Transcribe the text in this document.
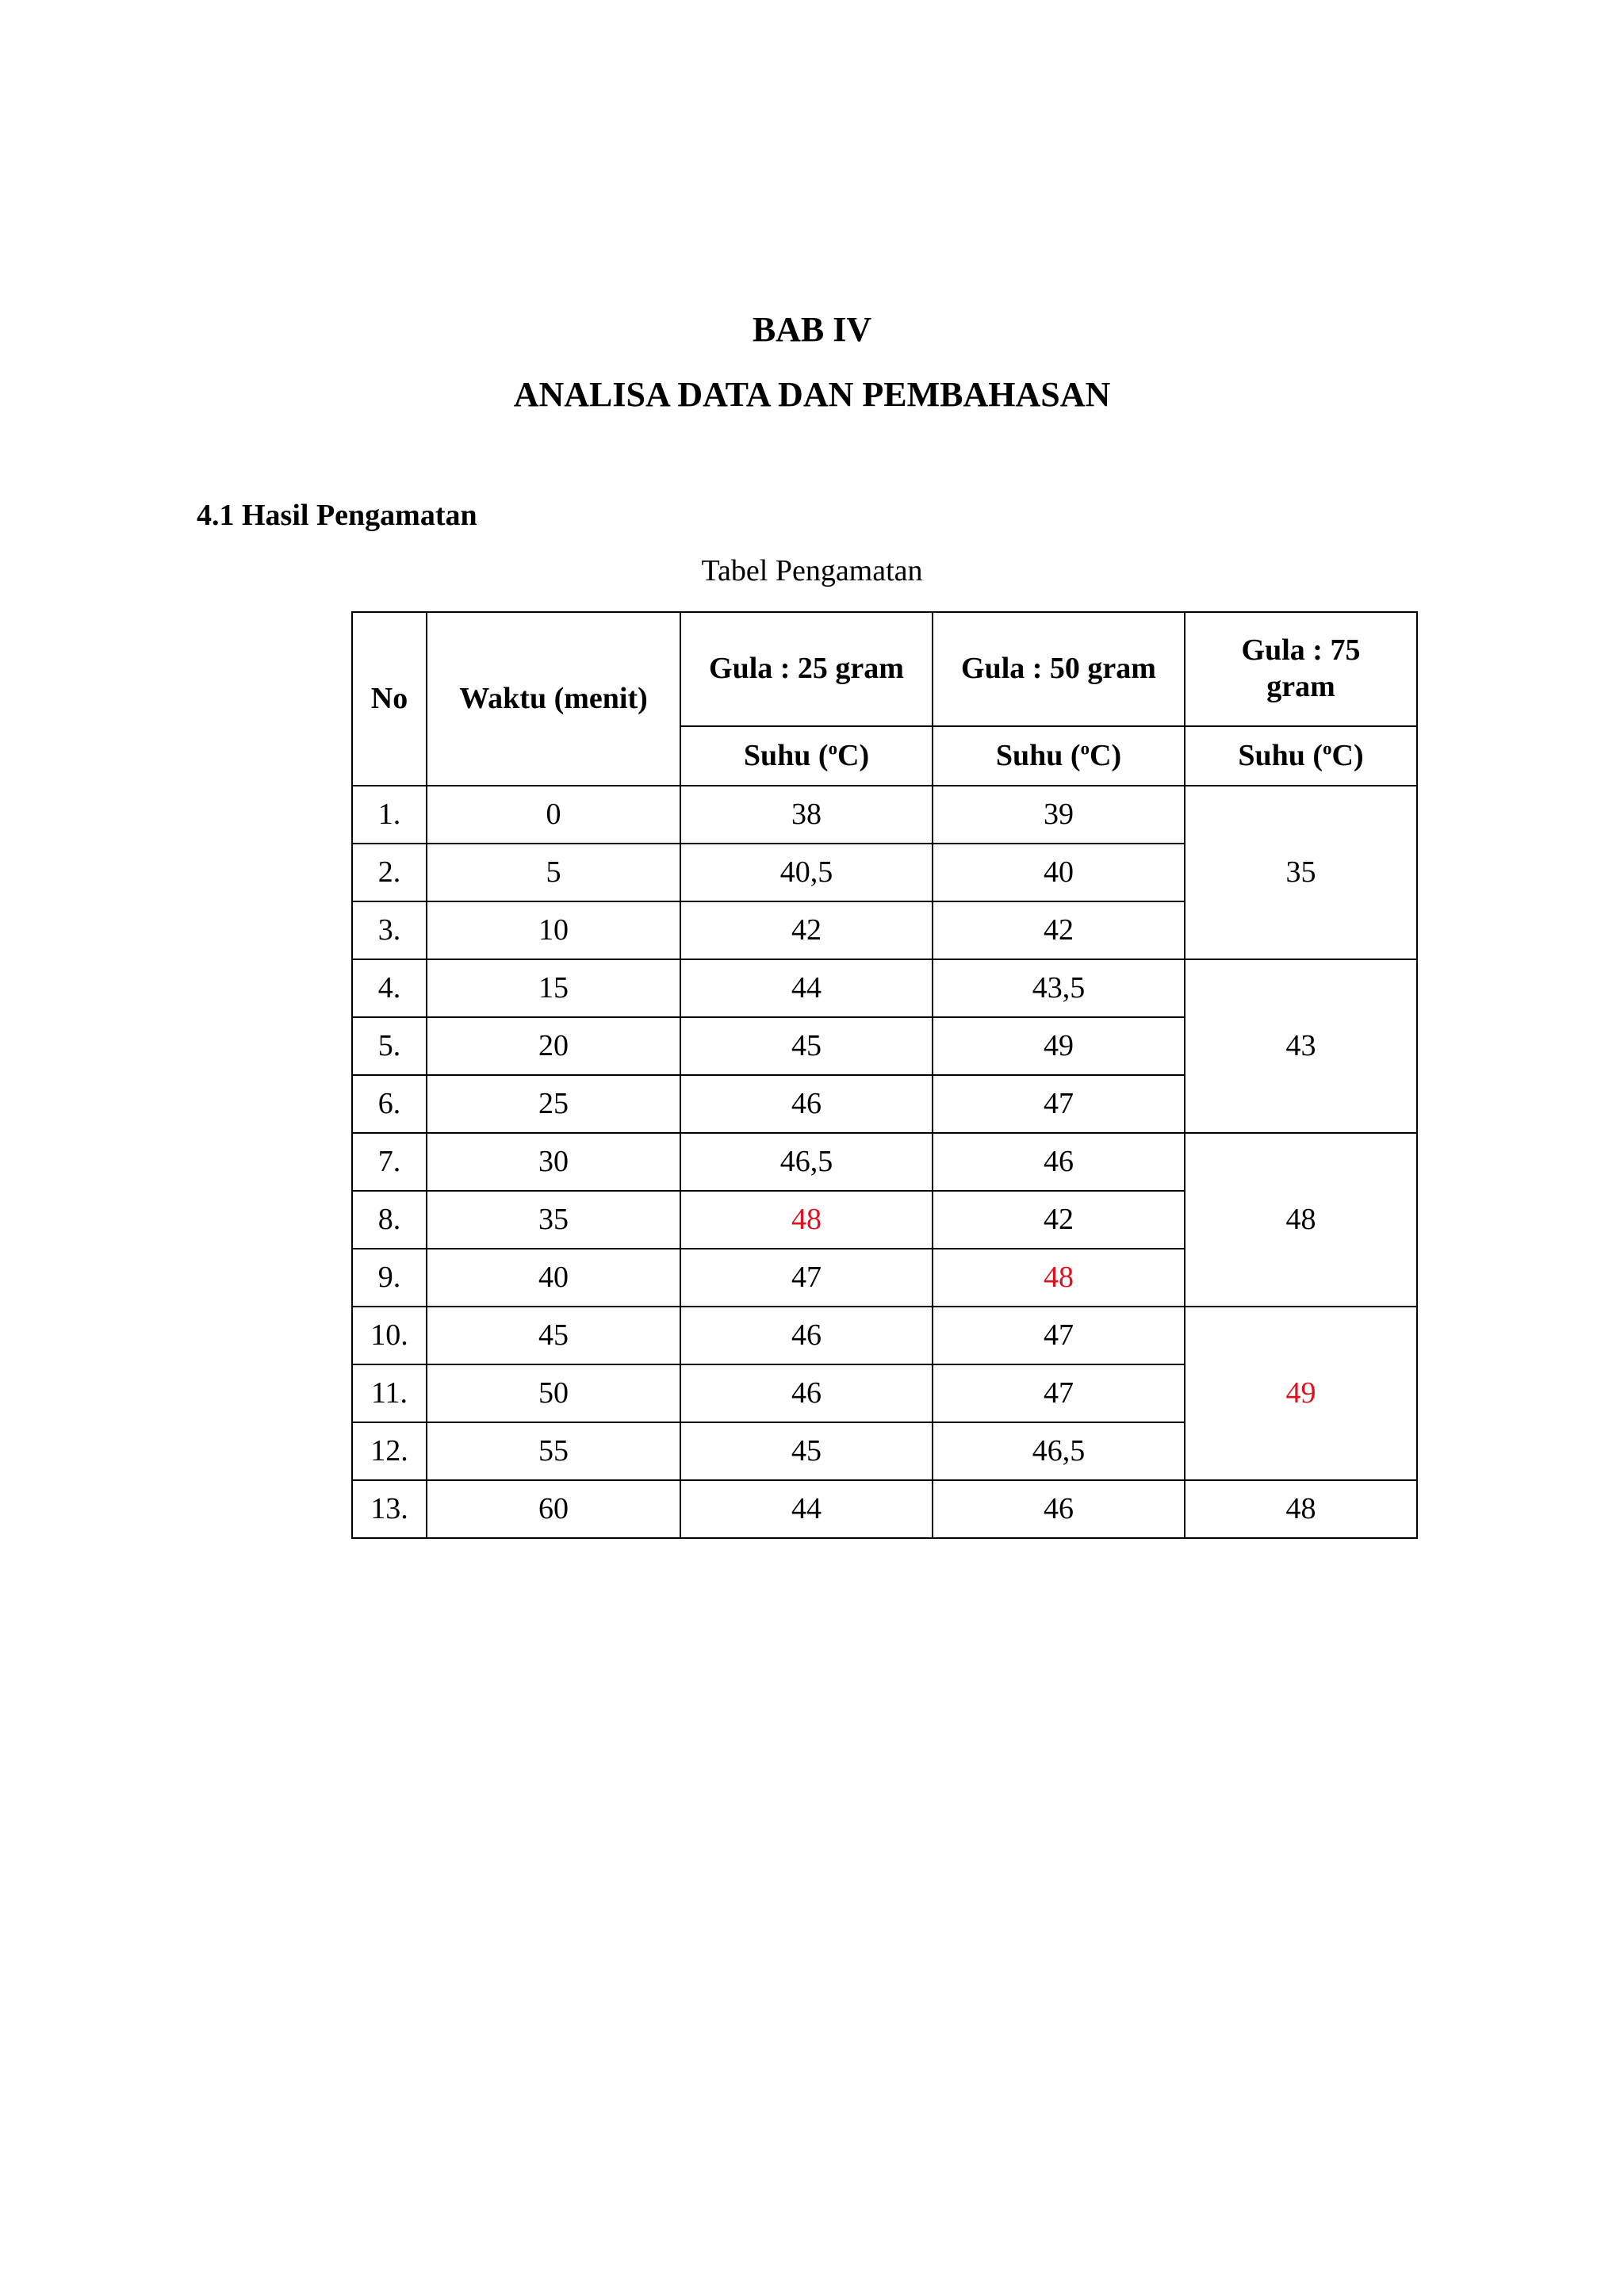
BAB IV
ANALISA DATA DAN PEMBAHASAN
4.1 Hasil Pengamatan
Tabel Pengamatan
No	Waktu (menit)	Gula : 25 gram	Gula : 50 gram	Gula : 75
gram
		Suhu ($^o$C)	Suhu ($^o$C)	Suhu ($^o$C)
1.	0	38	39	35
2.	5	40,5	40	
3.	10	42	42	
4.	15	44	43,5	43
5.	20	45	49	
6.	25	46	47	
7.	30	46,5	46	48
8.	35	48	42	
9.	40	47	48	
10.	45	46	47	49
11.	50	46	47	
12.	55	45	46,5	
13.	60	44	46	48
